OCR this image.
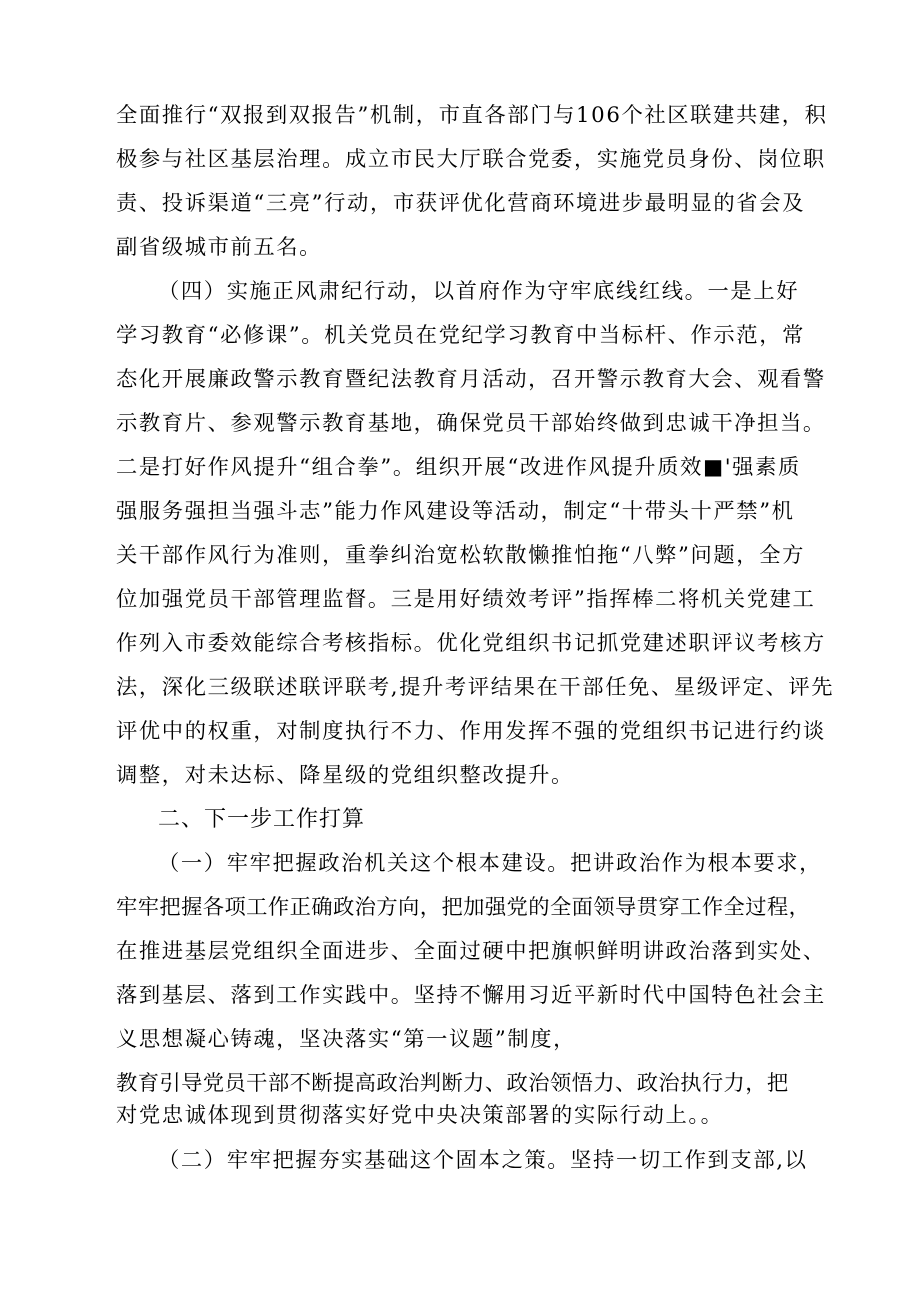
全面推行“双报到双报告”机制，市直各部门与106个社区联建共建，积
极参与社区基层治理。成立市民大厅联合党委，实施党员身份、岗位职
责、投诉渠道“三亮”行动，市获评优化营商环境进步最明显的省会及
副省级城市前五名。
（四）实施正风肃纪行动，以首府作为守牢底线红线。一是上好
学习教育“必修课”。机关党员在党纪学习教育中当标杆、作示范，常
态化开展廉政警示教育暨纪法教育月活动，召开警示教育大会、观看警
示教育片、参观警示教育基地，确保党员干部始终做到忠诚干净担当。
二是打好作风提升“组合拳”。组织开展“改进作风提升质效■'强素质
强服务强担当强斗志”能力作风建设等活动，制定“十带头十严禁”机
关干部作风行为准则，重拳纠治宽松软散懒推怕拖“八弊”问题，全方
位加强党员干部管理监督。三是用好绩效考评”指挥棒二将机关党建工
作列入市委效能综合考核指标。优化党组织书记抓党建述职评议考核方
法，深化三级联述联评联考,提升考评结果在干部任免、星级评定、评先
评优中的权重，对制度执行不力、作用发挥不强的党组织书记进行约谈
调整，对未达标、降星级的党组织整改提升。
二、下一步工作打算
（一）牢牢把握政治机关这个根本建设。把讲政治作为根本要求，
牢牢把握各项工作正确政治方向，把加强党的全面领导贯穿工作全过程，
在推进基层党组织全面进步、全面过硬中把旗帜鲜明讲政治落到实处、
落到基层、落到工作实践中。坚持不懈用习近平新时代中国特色社会主
义思想凝心铸魂，坚决落实“第一议题”制度，
教育引导党员干部不断提高政治判断力、政治领悟力、政治执行力，把
对党忠诚体现到贯彻落实好党中央决策部署的实际行动上。。
（二）牢牢把握夯实基础这个固本之策。坚持一切工作到支部,以
